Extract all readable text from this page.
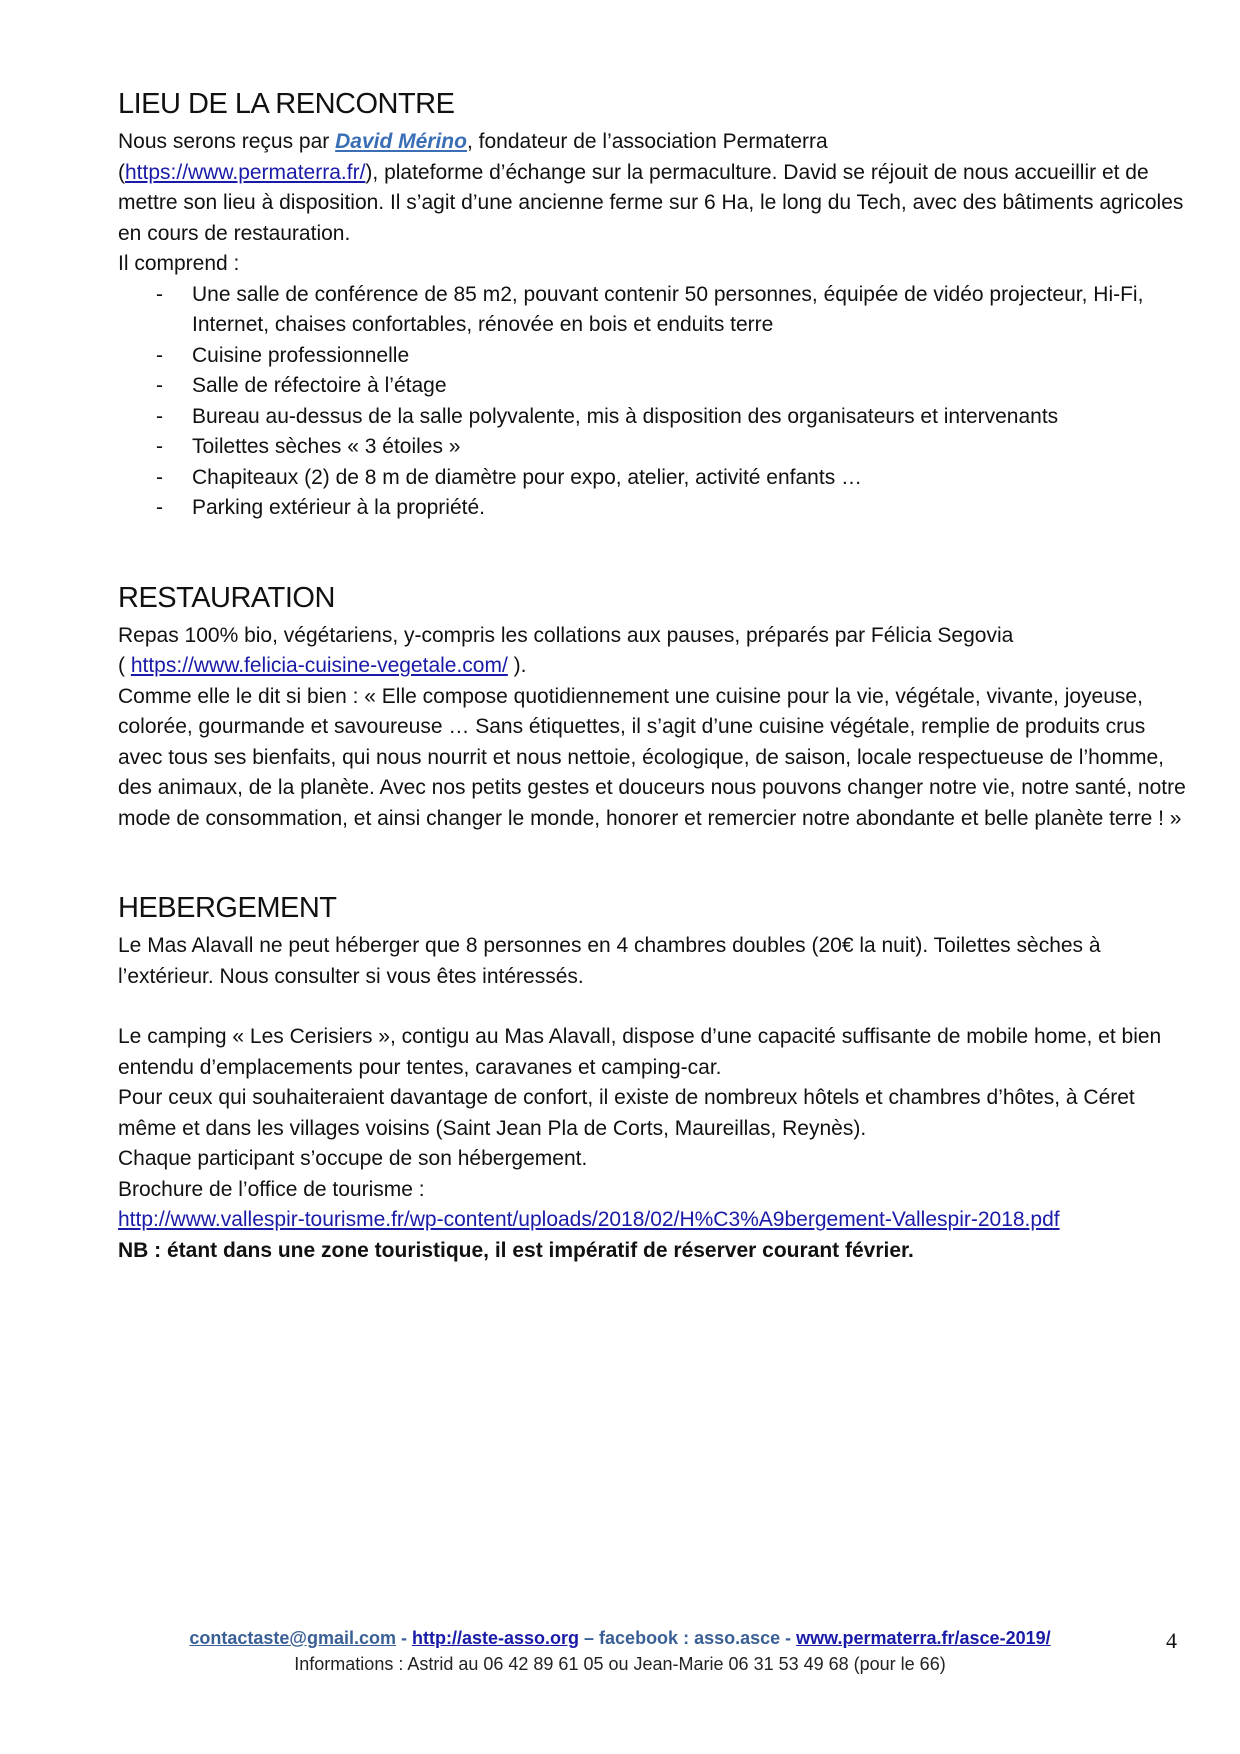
LIEU DE LA RENCONTRE

Nous serons reçus par David Mérino, fondateur de l’association Permaterra
(https://www.permaterra.fr/), plateforme d’échange sur la permaculture. David se réjouit de nous accueillir et de mettre son lieu à disposition. Il s’agit d’une ancienne ferme sur 6 Ha, le long du Tech, avec des bâtiments agricoles en cours de restauration.

Il comprend :

- Une salle de conférence de 85 m2, pouvant contenir 50 personnes, équipée de vidéo projecteur, Hi-Fi, Internet, chaises confortables, rénovée en bois et enduits terre
- Cuisine professionnelle
- Salle de réfectoire à l’étage
- Bureau au-dessus de la salle polyvalente, mis à disposition des organisateurs et intervenants
- Toilettes sèches « 3 étoiles »
- Chapiteaux (2) de 8 m de diamètre pour expo, atelier, activité enfants …
- Parking extérieur à la propriété.
RESTAURATION

Repas 100% bio, végétariens, y-compris les collations aux pauses, préparés par Félicia Segovia
( https://www.felicia-cuisine-vegetale.com/ ).

Comme elle le dit si bien : « Elle compose quotidiennement une cuisine pour la vie, végétale, vivante, joyeuse, colorée, gourmande et savoureuse … Sans étiquettes, il s’agit d’une cuisine végétale, remplie de produits crus avec tous ses bienfaits, qui nous nourrit et nous nettoie, écologique, de saison, locale respectueuse de l’homme, des animaux, de la planète. Avec nos petits gestes et douceurs nous pouvons changer notre vie, notre santé, notre mode de consommation, et ainsi changer le monde, honorer et remercier notre abondante et belle planète terre ! »

HEBERGEMENT

Le Mas Alavall ne peut héberger que 8 personnes en 4 chambres doubles (20€ la nuit). Toilettes sèches à l’extérieur. Nous consulter si vous êtes intéressés.

Le camping « Les Cerisiers », contigu au Mas Alavall, dispose d’une capacité suffisante de mobile home, et bien entendu d’emplacements pour tentes, caravanes et camping-car.

Pour ceux qui souhaiteraient davantage de confort, il existe de nombreux hôtels et chambres d’hôtes, à Céret même et dans les villages voisins (Saint Jean Pla de Corts, Maureillas, Reynès).

Chaque participant s’occupe de son hébergement.

Brochure de l’office de tourisme :

http://www.vallespir-tourisme.fr/wp-content/uploads/2018/02/H%C3%A9bergement-Vallespir-2018.pdf

NB : étant dans une zone touristique, il est impératif de réserver courant février.

contactaste@gmail.com - http://aste-asso.org – facebook : asso.asce - www.permaterra.fr/asce-2019/
Informations : Astrid au 06 42 89 61 05 ou Jean-Marie 06 31 53 49 68 (pour le 66)
4
